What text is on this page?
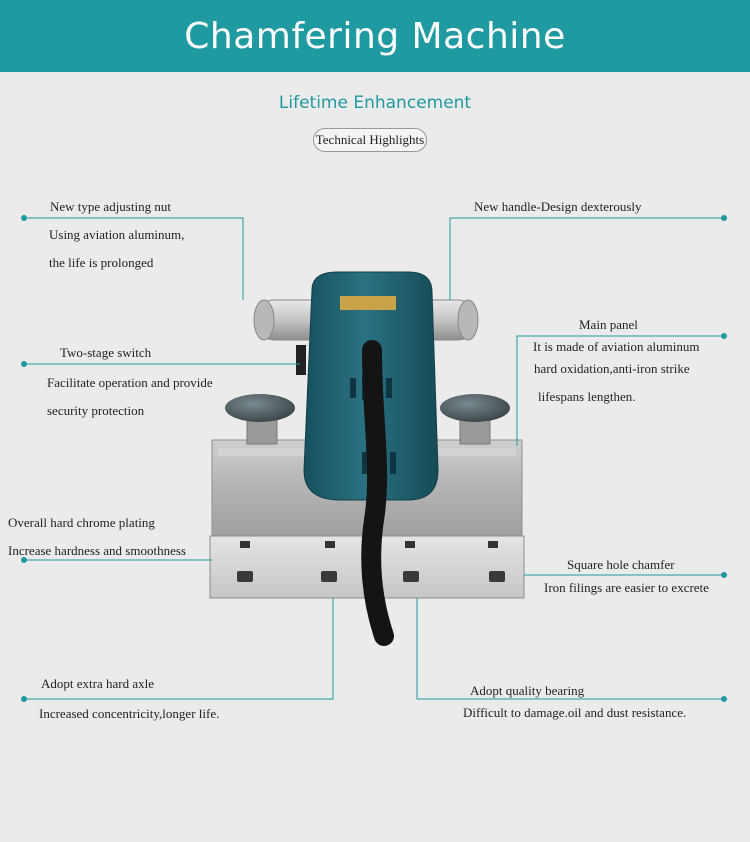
Chamfering Machine
Lifetime Enhancement
Technical Highlights
New type adjusting nut
Using aviation aluminum,
the life is prolonged
New handle-Design dexterously
Two-stage switch
Facilitate operation and provide
security protection
Main panel
It is made of aviation aluminum
hard oxidation,anti-iron strike
lifespans lengthen.
Overall hard chrome plating
Increase hardness and smoothness
Square hole chamfer
Iron filings are easier to excrete
Adopt extra hard axle
Increased concentricity,longer life.
Adopt quality bearing
Difficult to damage.oil and dust resistance.
